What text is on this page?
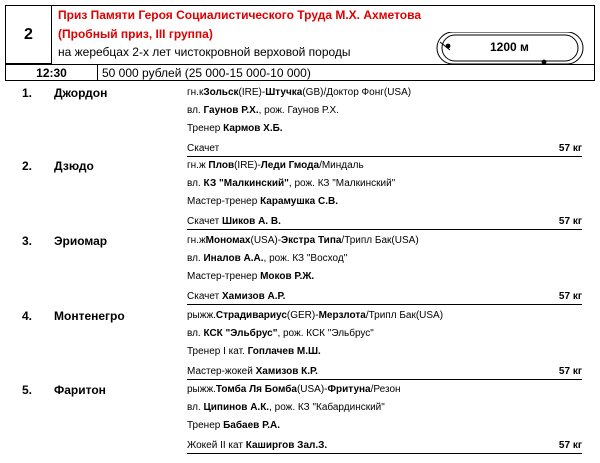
2
Приз Памяти Героя Социалистического Труда М.Х. Ахметова
(Пробный приз, III группа)
на жеребцах 2-х лет чистокровной верховой породы	1200 м
12:30	50 000 рублей (25 000-15 000-10 000)
1. Джордон	гн.кЗольск(IRE)-Штучка(GB)/Доктор Фонг(USA)
вл. Гаунов Р.Х., рож. Гаунов Р.Х.
Тренер Кармов Х.Б.
Скачет	57 кг
2. Дзюдо	гн.ж Плов(IRE)-Леди Гмода/Миндаль
вл. КЗ "Малкинский", рож. КЗ "Малкинский"
Мастер-тренер Карамушка С.В.
Скачет Шиков А. В.	57 кг
3. Эриомар	гн.жМономах(USA)-Экстра Типа/Трипл Бак(USA)
вл. Иналов А.А., рож. КЗ "Восход"
Мастер-тренер Моков Р.Ж.
Скачет Хамизов А.Р.	57 кг
4. Монтенегро	рыжж.Страдивариус(GER)-Мерзлота/Трипл Бак(USA)
вл. КСК "Эльбрус", рож. КСК "Эльбрус"
Тренер I кат. Гоплачев М.Ш.
Мастер-жокей Хамизов К.Р.	57 кг
5. Фаритон	рыжж.Томба Ля Бомба(USA)-Фритуна/Резон
вл. Ципинов А.К., рож. КЗ "Кабардинский"
Тренер Бабаев Р.А.
Жокей II кат Каширгов Зал.З.	57 кг
